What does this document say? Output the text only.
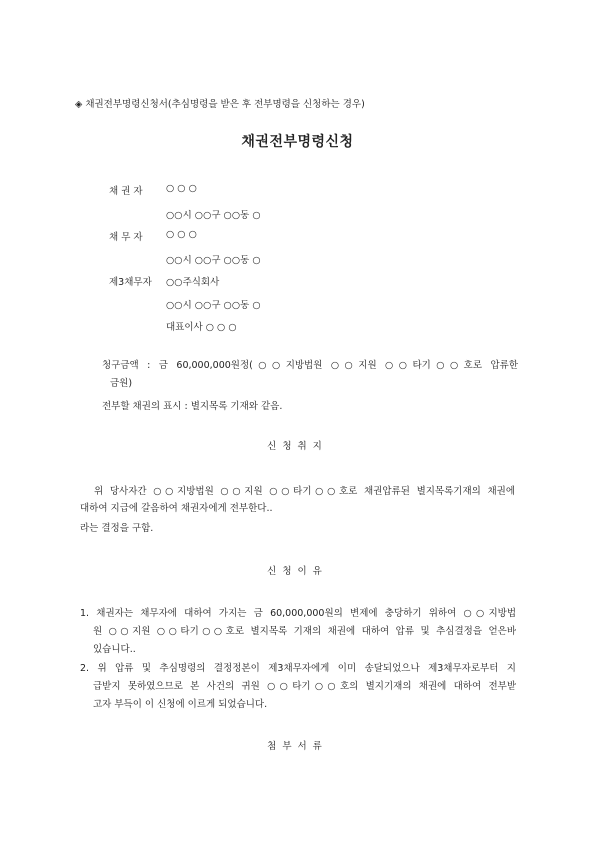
◈ 채권전부명령신청서(추심명령을 받은 후 전부명령을 신청하는 경우)
채권전부명령신청
채 권 자 ○ ○ ○
○○시 ○○구 ○○동 ○
채 무 자 ○ ○ ○
○○시 ○○구 ○○동 ○
제3채무자 ○○주식회사
○○시 ○○구 ○○동 ○
대표이사 ○ ○ ○
청구금액 : 금 60,000,000원정(○○지방법원 ○○지원 ○○타기○○호로 압류한
금원)
전부할 채권의 표시 : 별지목록 기재와 같음.
신청취지
위 당사자간 ○○지방법원 ○○지원 ○○타기○○호로 채권압류된 별지목록기재의 채권에
대하여 지급에 갈음하여 채권자에게 전부한다..
라는 결정을 구함.
신청이유
1. 채권자는 채무자에 대하여 가지는 금 60,000,000원의 변제에 충당하기 위하여 ○○지방법
원 ○○지원 ○○타기○○호로 별지목록 기재의 채권에 대하여 압류 및 추심결정을 얻은바
있습니다..
2. 위 압류 및 추심명령의 결정정본이 제3채무자에게 이미 송달되었으나 제3채무자로부터 지
급받지 못하였으므로 본 사건의 귀원 ○○타기○○호의 별지기재의 채권에 대하여 전부받
고자 부득이 이 신청에 이르게 되었습니다.
첨부서류
